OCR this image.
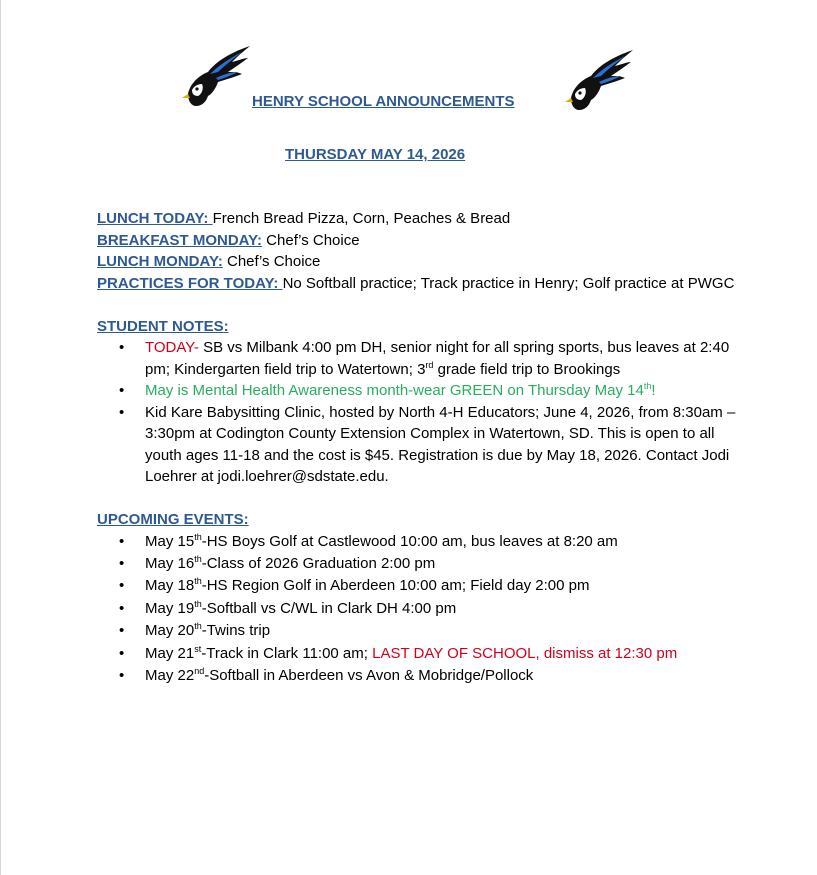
HENRY SCHOOL ANNOUNCEMENTS
THURSDAY MAY 14, 2026

LUNCH TODAY: French Bread Pizza, Corn, Peaches & Bread

BREAKFAST MONDAY: Chef’s Choice

LUNCH MONDAY: Chef’s Choice

PRACTICES FOR TODAY: No Softball practice; Track practice in Henry; Golf practice at PWGC

STUDENT NOTES:

• TODAY- SB vs Milbank 4:00 pm DH, senior night for all spring sports, bus leaves at 2:40 pm; Kindergarten field trip to Watertown; 3rd grade field trip to Brookings
• May is Mental Health Awareness month-wear GREEN on Thursday May 14th!
• Kid Kare Babysitting Clinic, hosted by North 4-H Educators; June 4, 2026, from 8:30am – 3:30pm at Codington County Extension Complex in Watertown, SD. This is open to all youth ages 11-18 and the cost is $45. Registration is due by May 18, 2026. Contact Jodi Loehrer at jodi.loehrer@sdstate.edu.

UPCOMING EVENTS:

• May 15th-HS Boys Golf at Castlewood 10:00 am, bus leaves at 8:20 am
• May 16th-Class of 2026 Graduation 2:00 pm
• May 18th-HS Region Golf in Aberdeen 10:00 am; Field day 2:00 pm
• May 19th-Softball vs C/WL in Clark DH 4:00 pm
• May 20th-Twins trip
• May 21st-Track in Clark 11:00 am; LAST DAY OF SCHOOL, dismiss at 12:30 pm
• May 22nd-Softball in Aberdeen vs Avon & Mobridge/Pollock
